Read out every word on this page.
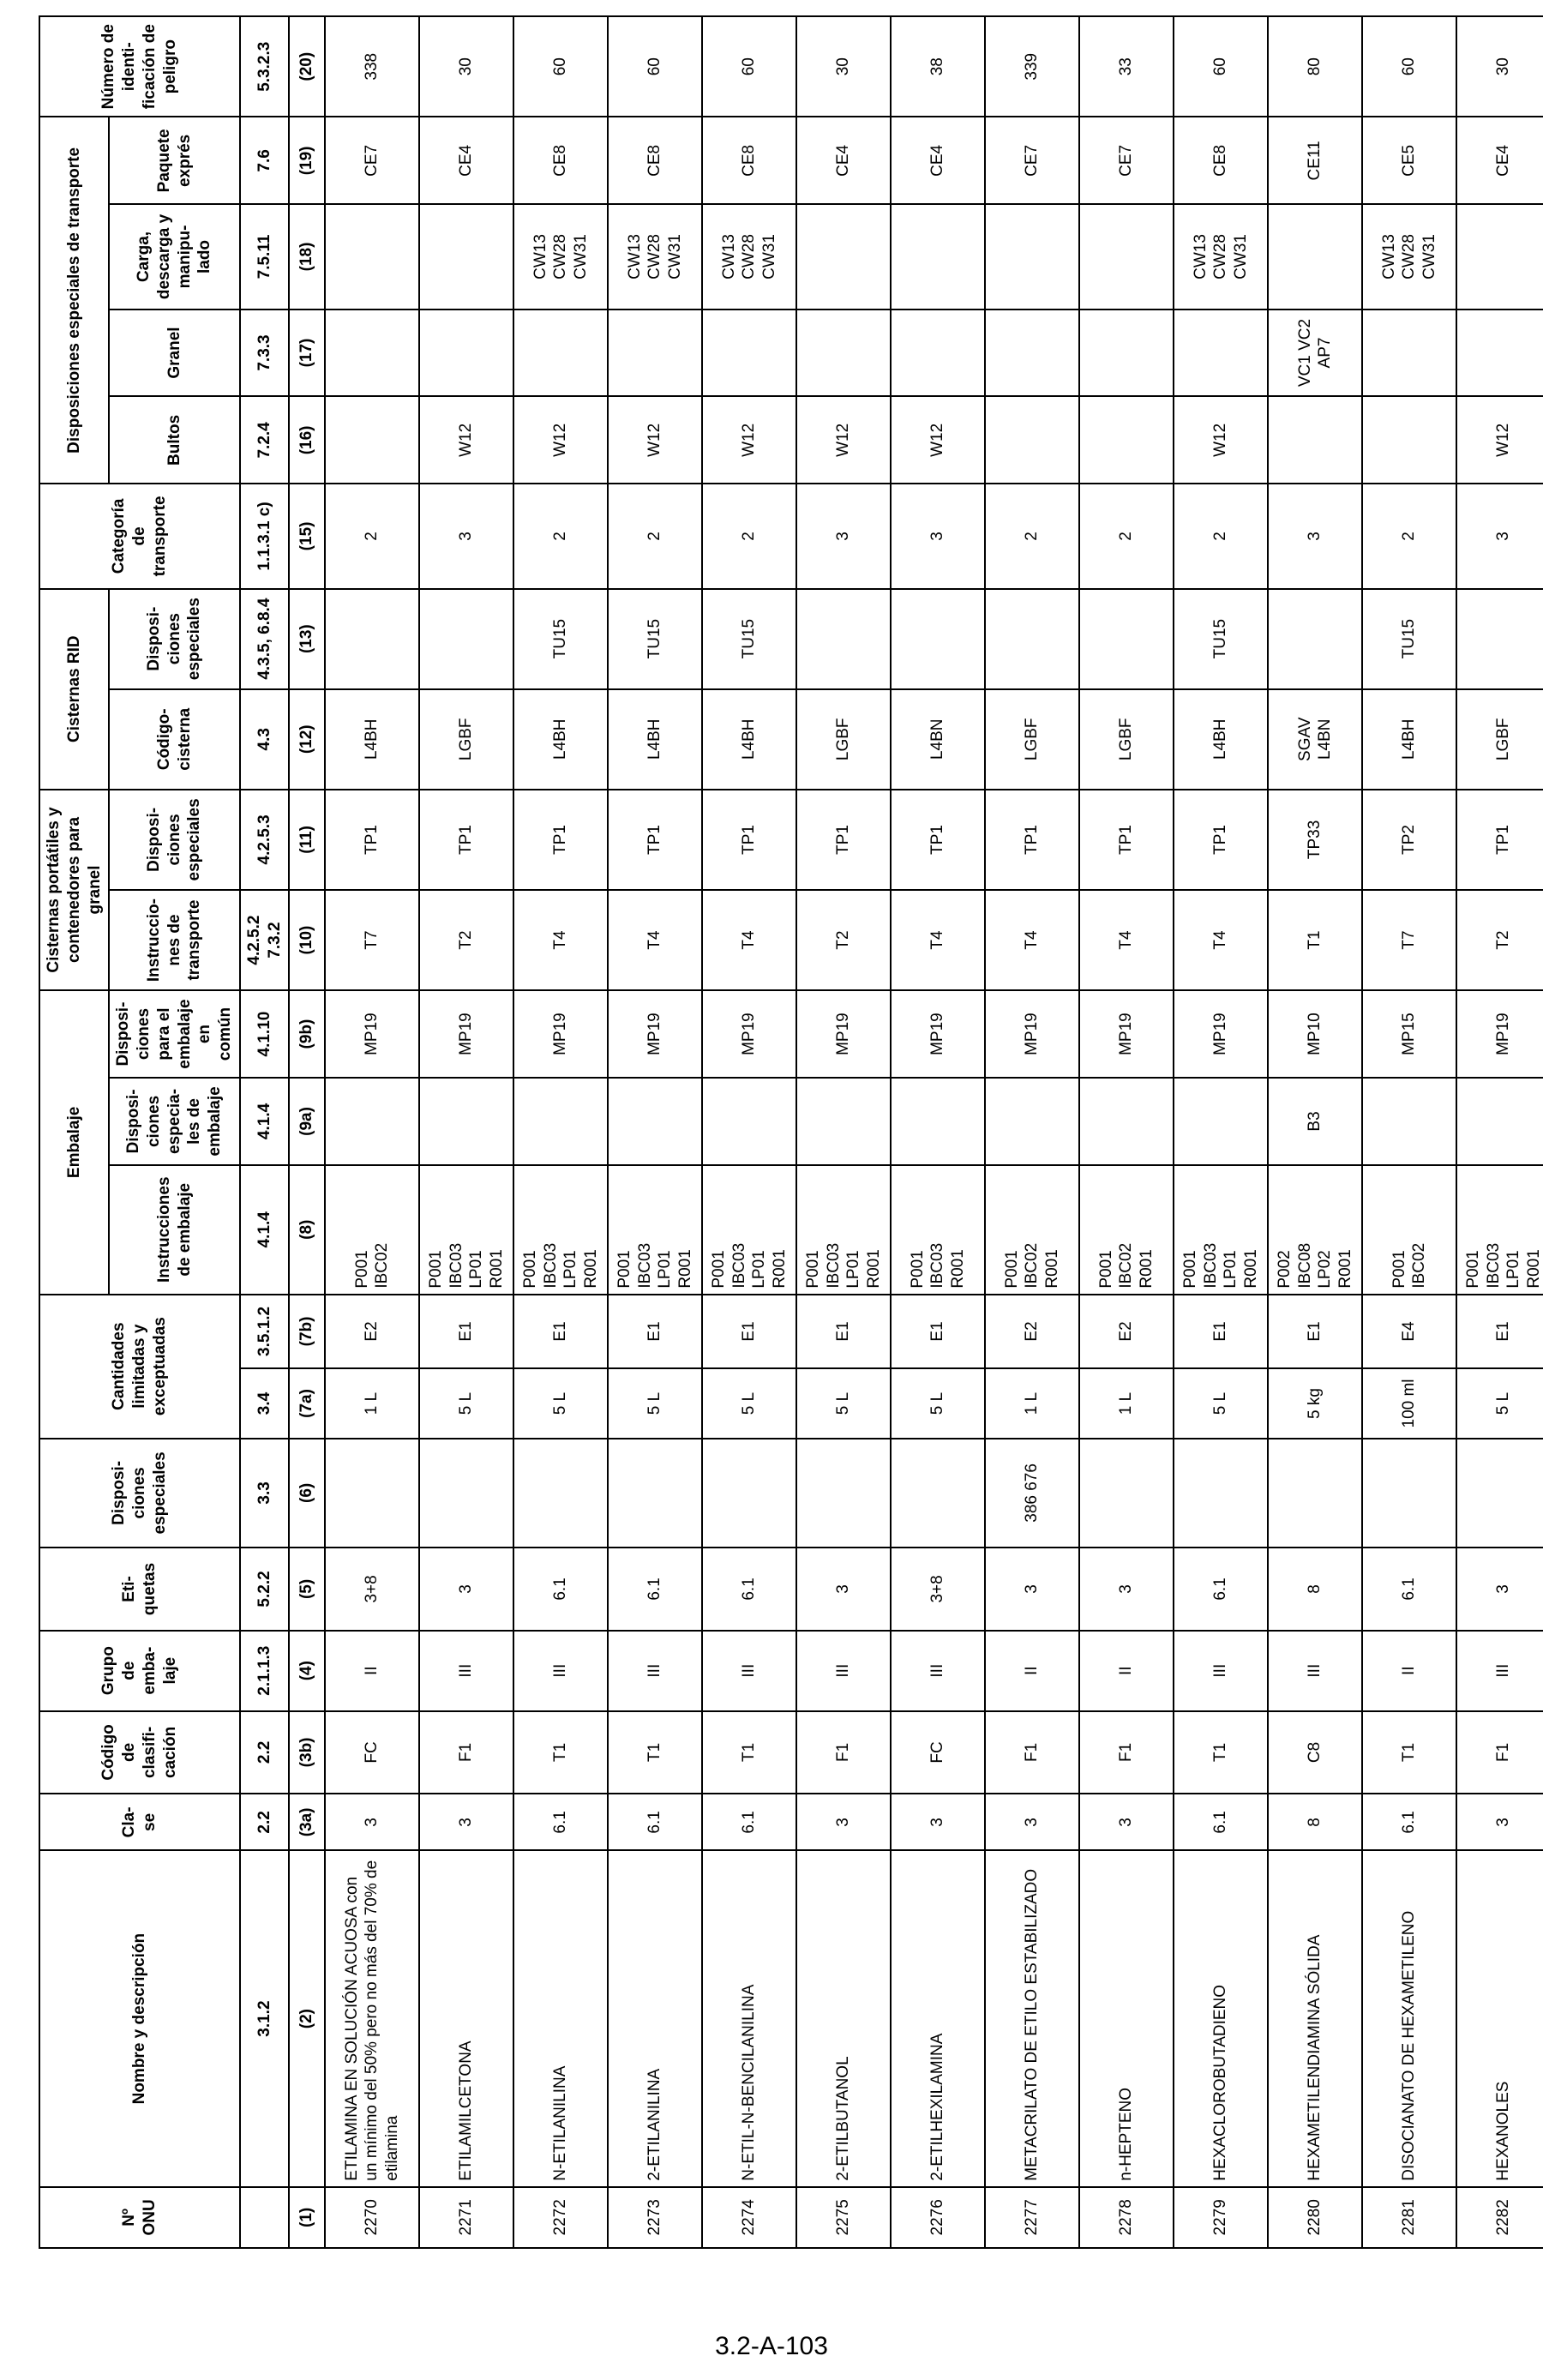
Nº ONU	Nombre y descripción	Cla- se	Código de clasifi- cación	Grupo de emba- laje	Eti- quetas	Disposi- ciones especiales	Cantidades limitadas y exceptuadas		Embalaje			Cisternas portátiles y contenedores para granel		Cisternas RID		Categoría de transporte	Disposiciones especiales de transporte				Número de identi- ficación de peligro
									Instrucciones de embalaje	Disposi- ciones especia- les de embalaje	Disposi- ciones para el embalaje en común	Instruccio- nes de transporte	Disposi- ciones especiales	Código- cisterna	Disposi- ciones especiales		Bultos	Granel	Carga, descarga y manipu- lado	Paquete exprés	
	3.1.2	2.2	2.2	2.1.1.3	5.2.2	3.3	3.4	3.5.1.2	4.1.4	4.1.4	4.1.10	4.2.5.2 7.3.2	4.2.5.3	4.3	4.3.5, 6.8.4	1.1.3.1 c)	7.2.4	7.3.3	7.5.11	7.6	5.3.2.3
(1)	(2)	(3a)	(3b)	(4)	(5)	(6)	(7a)	(7b)	(8)	(9a)	(9b)	(10)	(11)	(12)	(13)	(15)	(16)	(17)	(18)	(19)	(20)
2270	ETILAMINA EN SOLUCIÓN ACUOSA con un mínimo del 50% pero no más del 70% de etilamina	3	FC	II	3+8		1 L	E2	P001 IBC02		MP19	T7	TP1	L4BH		2				CE7	338
2271	ETILAMILCETONA	3	F1	III	3		5 L	E1	P001 IBC03 LP01 R001		MP19	T2	TP1	LGBF		3	W12			CE4	30
2272	N-ETILANILINA	6.1	T1	III	6.1		5 L	E1	P001 IBC03 LP01 R001		MP19	T4	TP1	L4BH	TU15	2	W12		CW13 CW28 CW31	CE8	60
2273	2-ETILANILINA	6.1	T1	III	6.1		5 L	E1	P001 IBC03 LP01 R001		MP19	T4	TP1	L4BH	TU15	2	W12		CW13 CW28 CW31	CE8	60
2274	N-ETIL-N-BENCILANILINA	6.1	T1	III	6.1		5 L	E1	P001 IBC03 LP01 R001		MP19	T4	TP1	L4BH	TU15	2	W12		CW13 CW28 CW31	CE8	60
2275	2-ETILBUTANOL	3	F1	III	3		5 L	E1	P001 IBC03 LP01 R001		MP19	T2	TP1	LGBF		3	W12			CE4	30
2276	2-ETILHEXILAMINA	3	FC	III	3+8		5 L	E1	P001 IBC03 R001		MP19	T4	TP1	L4BN		3	W12			CE4	38
2277	METACRILATO DE ETILO ESTABILIZADO	3	F1	II	3	386 676	1 L	E2	P001 IBC02 R001		MP19	T4	TP1	LGBF		2				CE7	339
2278	n-HEPTENO	3	F1	II	3		1 L	E2	P001 IBC02 R001		MP19	T4	TP1	LGBF		2				CE7	33
2279	HEXACLOROBUTADIENO	6.1	T1	III	6.1		5 L	E1	P001 IBC03 LP01 R001		MP19	T4	TP1	L4BH	TU15	2	W12		CW13 CW28 CW31	CE8	60
2280	HEXAMETILENDIAMINA SÓLIDA	8	C8	III	8		5 kg	E1	P002 IBC08 LP02 R001	B3	MP10	T1	TP33	SGAV L4BN		3		VC1 VC2 AP7		CE11	80
2281	DISOCIANATO DE HEXAMETILENO	6.1	T1	II	6.1		100 ml	E4	P001 IBC02		MP15	T7	TP2	L4BH	TU15	2			CW13 CW28 CW31	CE5	60
2282	HEXANOLES	3	F1	III	3		5 L	E1	P001 IBC03 LP01 R001		MP19	T2	TP1	LGBF		3	W12			CE4	30
3.2-A-103
